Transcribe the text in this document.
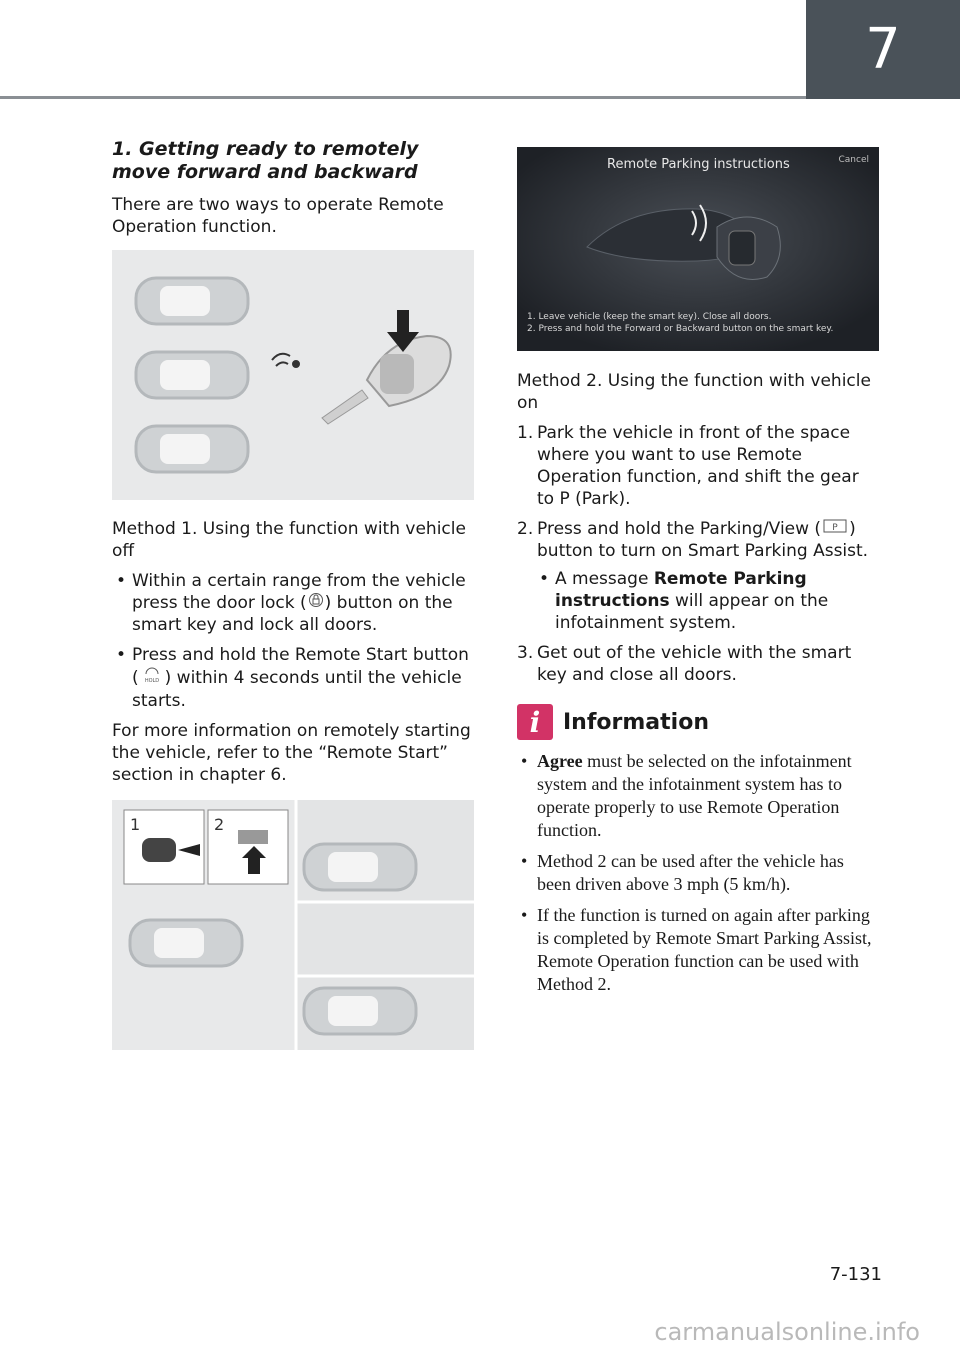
7
1. Getting ready to remotely move forward and backward

There are two ways to operate Remote Operation function.

Method 1. Using the function with vehicle off

• Within a certain range from the vehicle press the door lock ( ) button on the smart key and lock all doors.
• Press and hold the Remote Start button ( HOLD ) within 4 seconds until the vehicle starts.

For more information on remotely starting the vehicle, refer to the “Remote Start” section in chapter 6.

1	2
Remote Parking instructions	Cancel
1. Leave vehicle (keep the smart key). Close all doors.
2. Press and hold the Forward or Backward button on the smart key.

Method 2. Using the function with vehicle on

1. Park the vehicle in front of the space where you want to use Remote Operation function, and shift the gear to P (Park).
2. Press and hold the Parking/View ( P ) button to turn on Smart Parking Assist.
• A message Remote Parking instructions will appear on the infotainment system.
3. Get out of the vehicle with the smart key and close all doors.
i	Information
• Agree must be selected on the infotainment system and the infotainment system has to operate properly to use Remote Operation function.
• Method 2 can be used after the vehicle has been driven above 3 mph (5 km/h).
• If the function is turned on again after parking is completed by Remote Smart Parking Assist, Remote Operation function can be used with Method 2.
7-131
carmanualsonline.info
